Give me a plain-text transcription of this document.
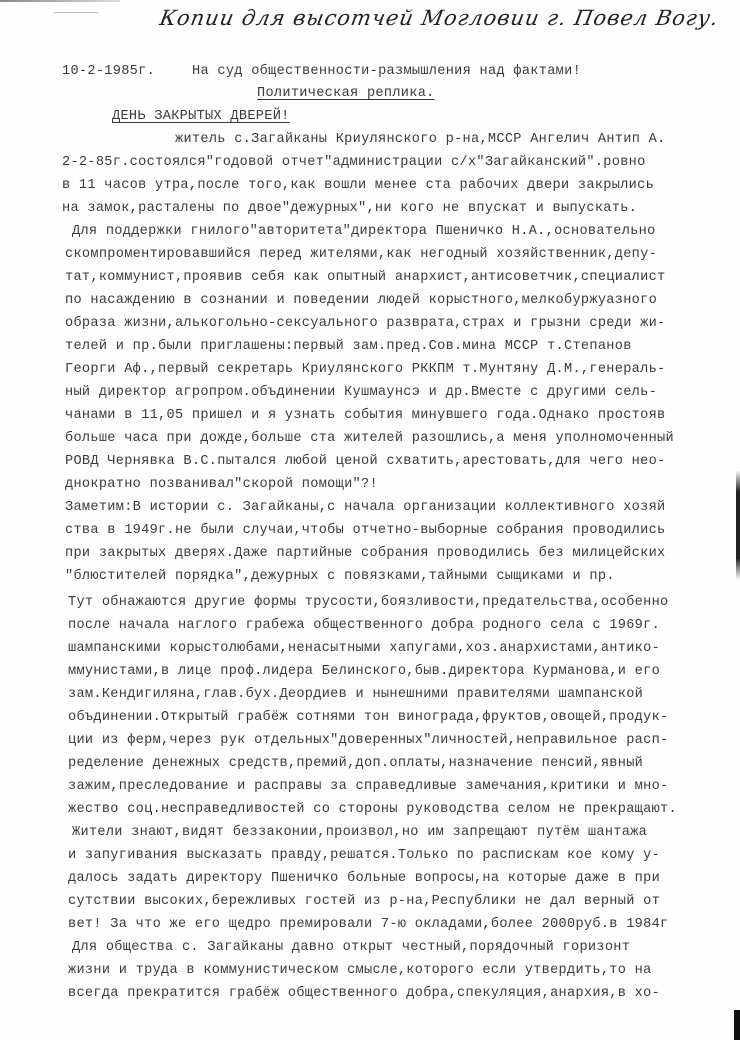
Копии для высотчей Могловии г. Повел Вогу.
10-2-1985г.	На суд общественности-размышления над фактами!
Политическая реплика.
ДЕНЬ ЗАКРЫТЫХ ДВЕРЕЙ!
житель с.Загайканы Криулянского р-на,МССР Ангелич Антип А.
2-2-85г.состоялся"годовой отчет"администрации с/х"Загайканский".ровно
в 11 часов утра,после того,как вошли менее ста рабочих двери закрылись
на замок,расталены по двое"дежурных",ни кого не впускат и выпускать.
Для поддержки гнилого"авторитета"директора Пшеничко Н.А.,основательно
скомпроментировавшийся перед жителями,как негодный хозяйственник,депу-
тат,коммунист,проявив себя как опытный анархист,антисоветчик,специалист
по насаждению в сознании и поведении людей корыстного,мелкобуржуазного
образа жизни,алькогольно-сексуального разврата,страх и грызни среди жи-
телей и пр.были приглашены:первый зам.пред.Сов.мина МССР т.Степанов
Георги Аф.,первый секретарь Криулянского РККПМ т.Мунтяну Д.М.,генераль-
ный директор агропром.объдинении Кушмаунсэ и др.Вместе с другими сель-
чанами в 11,05 пришел и я узнать события минувшего года.Однако простояв
больше часа при дожде,больше ста жителей разошлись,а меня уполномоченный
РОВД Чернявка В.С.пытался любой ценой схватить,арестовать,для чего нео-
днократно позванивал"скорой помощи"?!
Заметим:В истории с. Загайканы,с начала организации коллективного хозяй
ства в 1949г.не были случаи,чтобы отчетно-выборные собрания проводились
при закрытых дверях.Даже партийные собрания проводились без милицейских
"блюстителей порядка",дежурных с повязками,тайными сыщиками и пр.
Тут обнажаются другие формы трусости,боязливости,предательства,особенно
после начала наглого грабежа общественного добра родного села с 1969г.
шампанскими корыстолюбами,ненасытными хапугами,хоз.анархистами,антико-
ммунистами,в лице проф.лидера Белинского,быв.директора Курманова,и его
зам.Кендигиляна,глав.бух.Деордиев и нынешними правителями шампанской
объдинении.Открытый грабёж сотнями тон винограда,фруктов,овощей,продук-
ции из ферм,через рук отдельных"доверенных"личностей,неправильное расп-
ределение денежных средств,премий,доп.оплаты,назначение пенсий,явный
зажим,преследование и расправы за справедливые замечания,критики и мно-
жество соц.несправедливостей со стороны руководства селом не прекращают.
Жители знают,видят беззаконии,произвол,но им запрещают путём шантажа
и запугивания высказать правду,решатся.Только по распискам кое кому у-
далось задать директору Пшеничко больные вопросы,на которые даже в при
сутствии высоких,бережливых гостей из р-на,Республики не дал верный от
вет! За что же его щедро премировали 7-ю окладами,более 2000руб.в 1984г
Для общества с. Загайканы давно открыт честный,порядочный горизонт
жизни и труда в коммунистическом смысле,которого если утвердить,то на
всегда прекратится грабёж общественного добра,спекуляция,анархия,в хо-
